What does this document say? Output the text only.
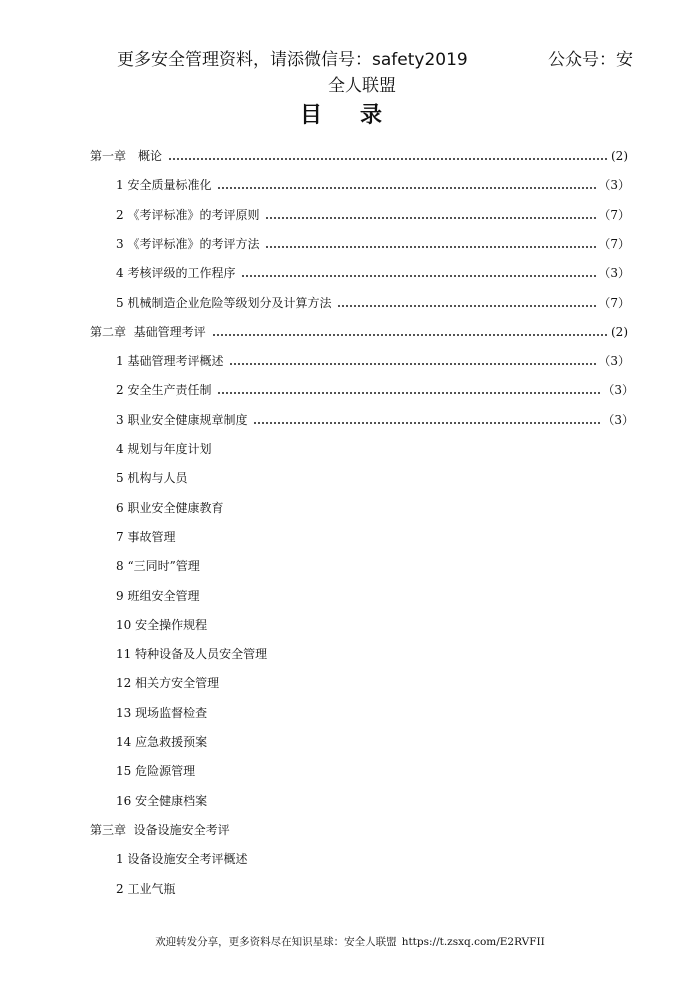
更多安全管理资料，请添微信号：safety2019	公众号：安
全人联盟
目录
第一章　概论	(2)
1 安全质量标准化	（3）
2 《考评标准》的考评原则	（7）
3 《考评标准》的考评方法	（7）
4 考核评级的工作程序	（3）
5 机械制造企业危险等级划分及计算方法	（7）
第二章  基础管理考评	(2)
1 基础管理考评概述	（3）
2 安全生产责任制	（3）
3 职业安全健康规章制度	（3）
4 规划与年度计划
5 机构与人员
6 职业安全健康教育
7 事故管理
8 “三同时”管理
9 班组安全管理
10 安全操作规程
11 特种设备及人员安全管理
12 相关方安全管理
13 现场监督检查
14 应急救援预案
15 危险源管理
16 安全健康档案
第三章  设备设施安全考评
1 设备设施安全考评概述
2 工业气瓶
欢迎转发分享，更多资料尽在知识星球：安全人联盟 https://t.zsxq.com/E2RVFII
